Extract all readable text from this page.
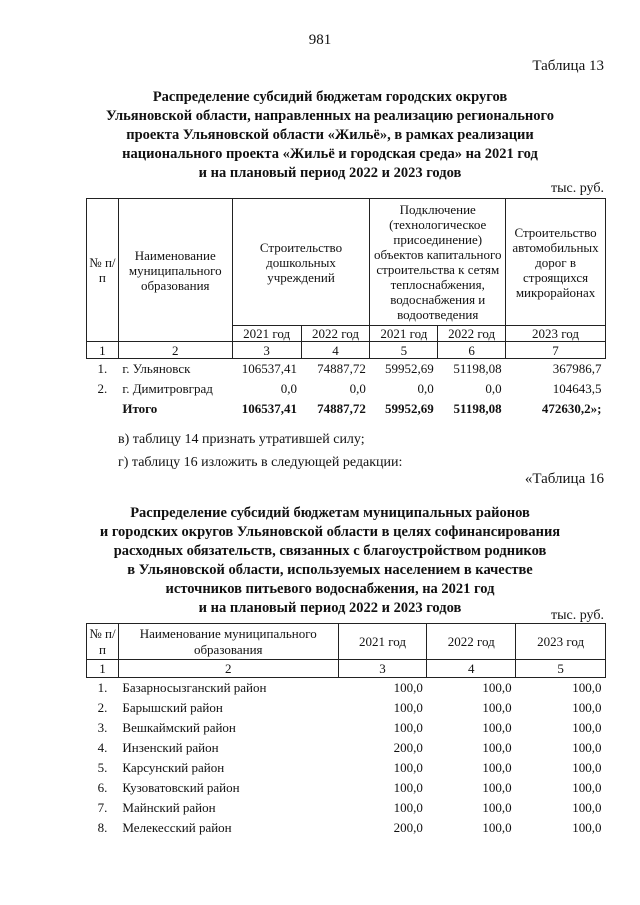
981
Таблица 13
Распределение субсидий бюджетам городских округов
Ульяновской области, направленных на реализацию регионального
проекта Ульяновской области «Жильё», в рамках реализации
национального проекта «Жильё и городская среда» на 2021 год
и на плановый период 2022 и 2023 годов
тыс. руб.
№ п/п	Наименование муниципального образования	Строительство дошкольных учреждений		Подключение (технологическое присоединение) объектов капитального строительства к сетям теплоснабжения, водоснабжения и водоотведения		Строительство автомобильных дорог в строящихся микрорайонах
		2021 год	2022 год	2021 год	2022 год	2023 год
1	2	3	4	5	6	7
1.	г. Ульяновск	106537,41	74887,72	59952,69	51198,08	367986,7
2.	г. Димитровград	0,0	0,0	0,0	0,0	104643,5
	Итого	106537,41	74887,72	59952,69	51198,08	472630,2»;
в) таблицу 14 признать утратившей силу;
г) таблицу 16 изложить в следующей редакции:
«Таблица 16
Распределение субсидий бюджетам муниципальных районов
и городских округов Ульяновской области в целях софинансирования
расходных обязательств, связанных с благоустройством родников
в Ульяновской области, используемых населением в качестве
источников питьевого водоснабжения, на 2021 год
и на плановый период 2022 и 2023 годов	тыс. руб.
№ п/п	Наименование муниципального образования	2021 год	2022 год	2023 год
1	2	3	4	5
1.	Базарносызганский район	100,0	100,0	100,0
2.	Барышский район	100,0	100,0	100,0
3.	Вешкаймский район	100,0	100,0	100,0
4.	Инзенский район	200,0	100,0	100,0
5.	Карсунский район	100,0	100,0	100,0
6.	Кузоватовский район	100,0	100,0	100,0
7.	Майнский район	100,0	100,0	100,0
8.	Мелекесский район	200,0	100,0	100,0
